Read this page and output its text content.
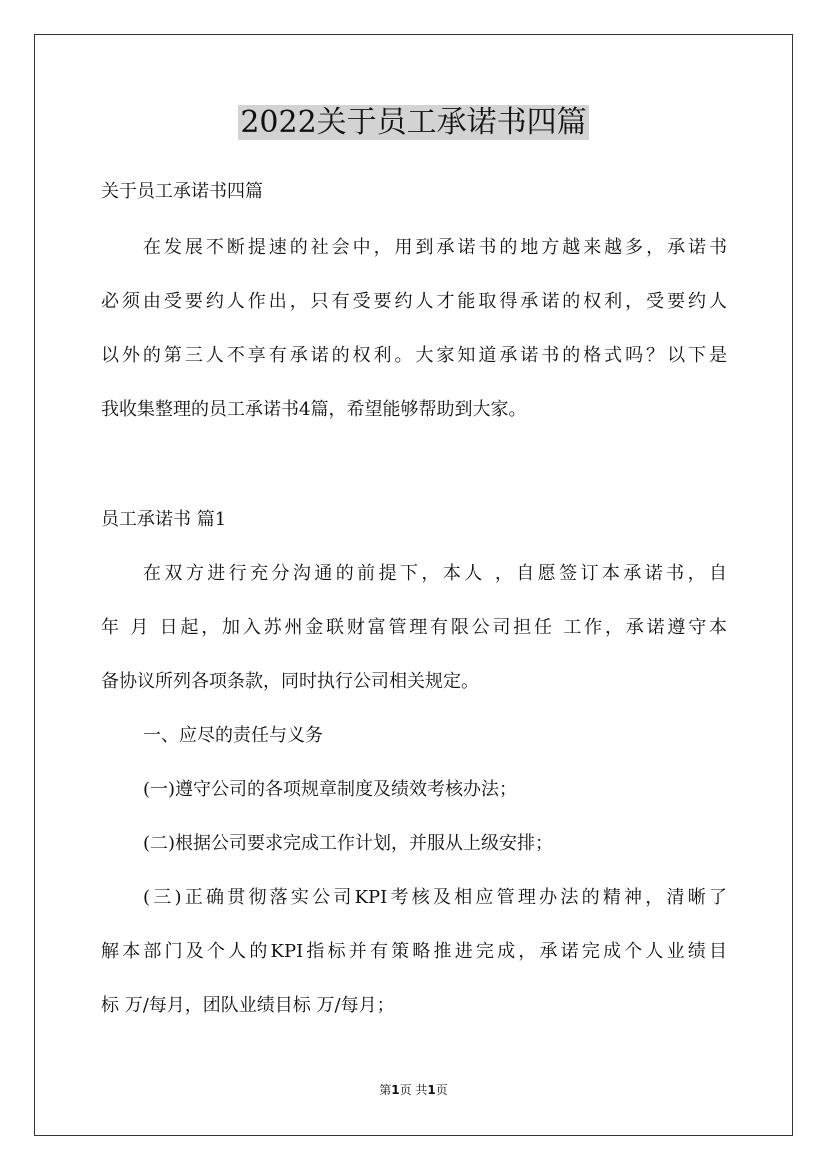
2022关于员工承诺书四篇
关于员工承诺书四篇
在发展不断提速的社会中，用到承诺书的地方越来越多，承诺书
必须由受要约人作出，只有受要约人才能取得承诺的权利，受要约人
以外的第三人不享有承诺的权利。大家知道承诺书的格式吗？以下是
我收集整理的员工承诺书4篇，希望能够帮助到大家。
员工承诺书 篇1
在双方进行充分沟通的前提下，本人 ，自愿签订本承诺书，自
年 月 日起，加入苏州金联财富管理有限公司担任 工作，承诺遵守本
备协议所列各项条款，同时执行公司相关规定。
一、应尽的责任与义务
(一)遵守公司的各项规章制度及绩效考核办法；
(二)根据公司要求完成工作计划，并服从上级安排；
(三)正确贯彻落实公司KPI考核及相应管理办法的精神，清晰了
解本部门及个人的KPI指标并有策略推进完成，承诺完成个人业绩目
标 万/每月，团队业绩目标 万/每月；
第1页 共1页
